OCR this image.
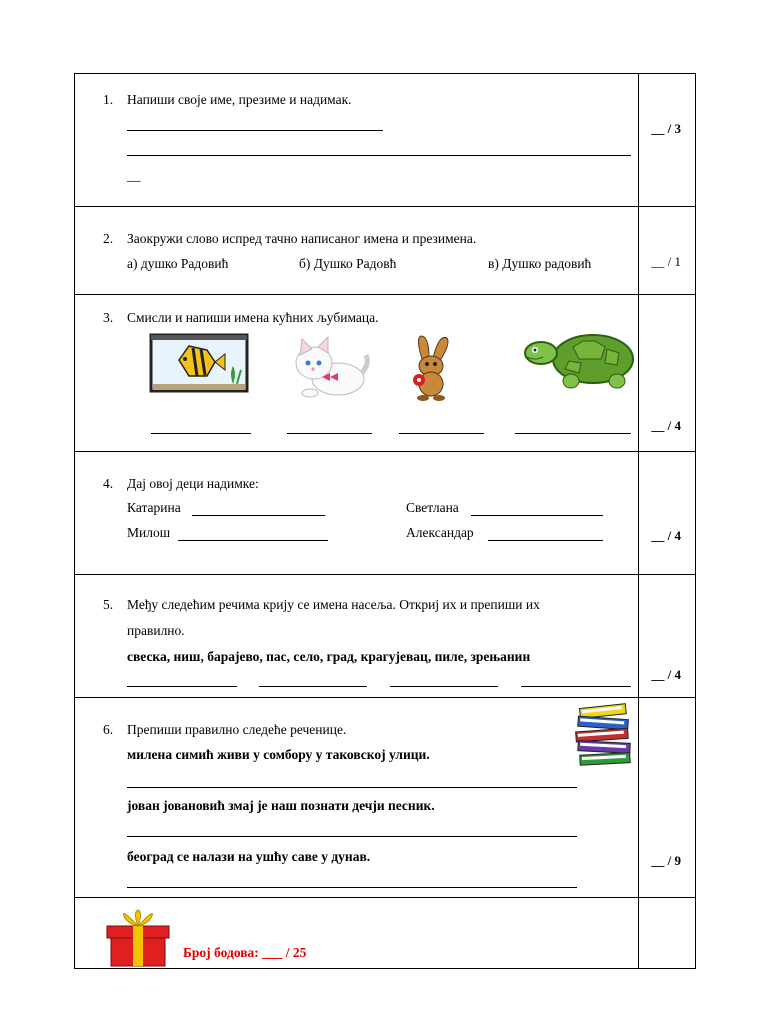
1. Напиши своје име, презиме и надимак.
__	__ / 3

2. Заокружи слово испред тачно написаног имена и презимена.
а) душко Радовић б) Душко Радовћ в) Душко радовић	__ / 1

3. Смисли и напиши имена кућних љубимаца.	__ / 4

4. Дај овој деци надимке:
Катарина Светлана
Милош Александар	__ / 4

5. Међу следећим речима крију се имена насеља. Откриј их и препиши их
правилно.
свеска, ниш, барајево, пас, село, град, крагујевац, пиле, зрењанин	__ / 4

6. Препиши правилно следеће реченице.
милена симић живи у сомбору у таковској улици.
јован јовановић змај је наш познати дечји песник.
београд се налази на ушћу саве у дунав.	__ / 9

Број бодова: ___ / 25	
